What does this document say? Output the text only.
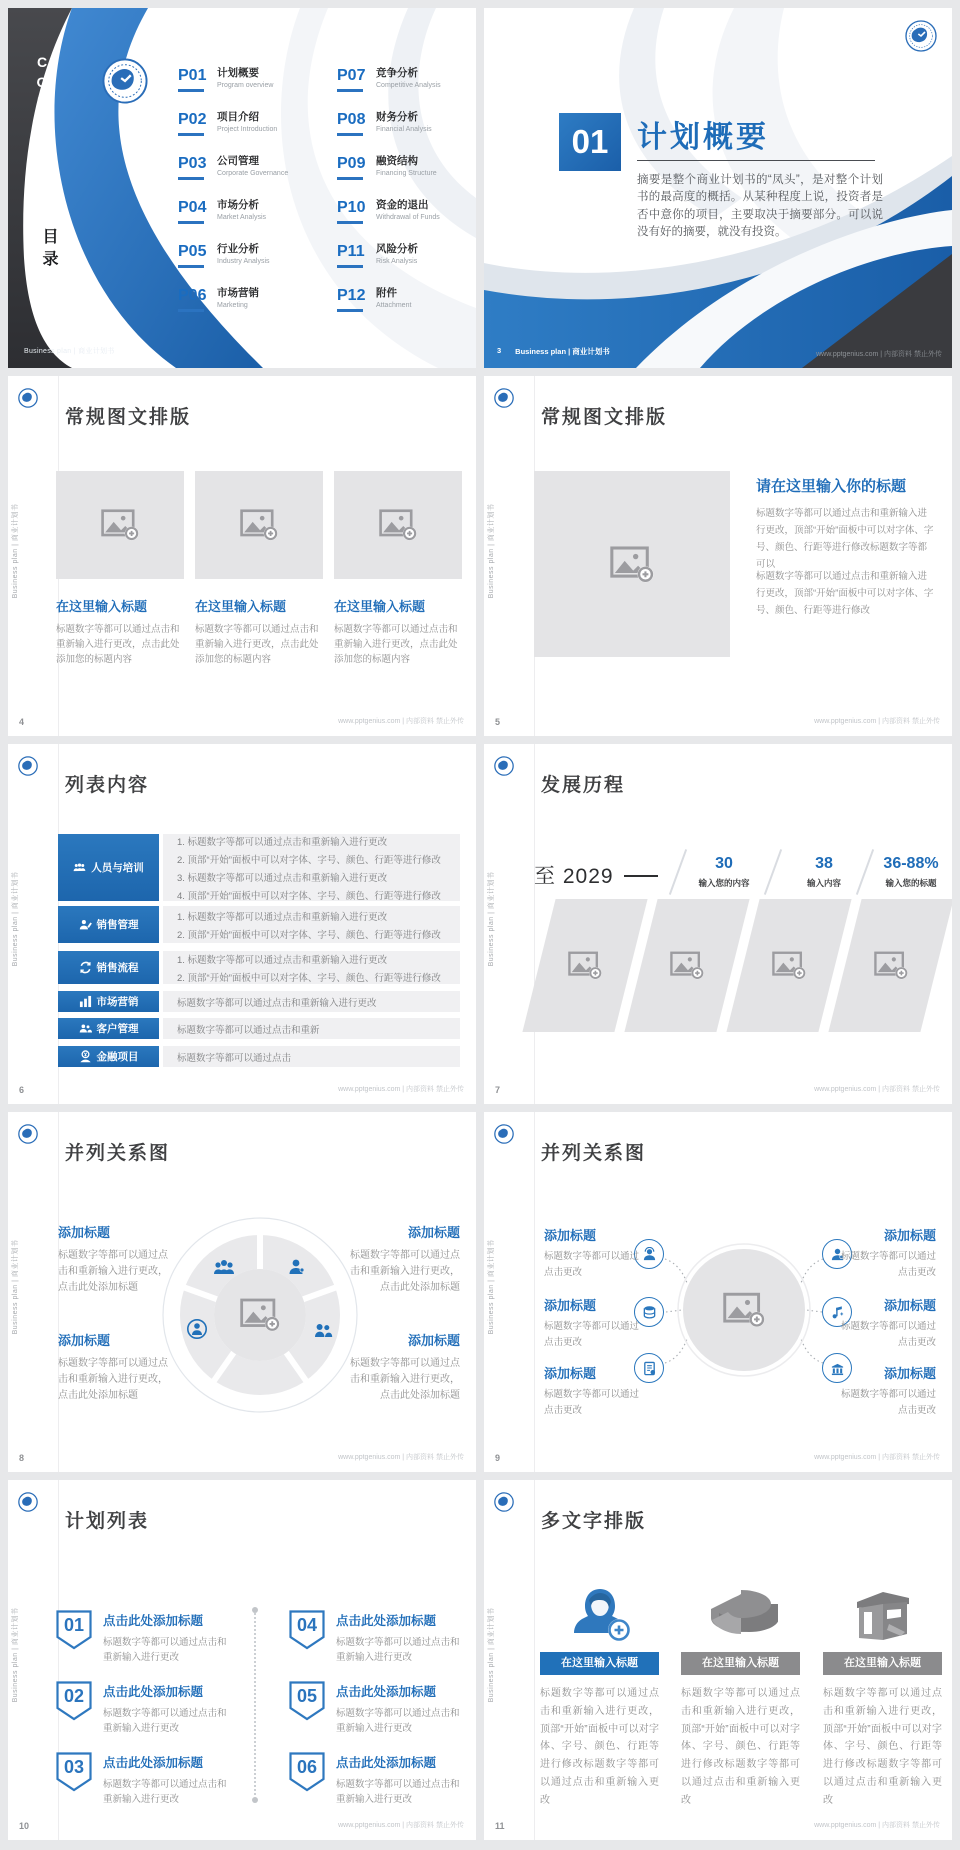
CONTENTS
目录
P01	计划概要
Program overview
P02	项目介绍
Project Introduction
P03	公司管理
Corporate Governance
P04	市场分析
Market Analysis
P05	行业分析
Industry Analysis
P06	市场营销
Marketing
P07	竞争分析
Competitive Analysis
P08	财务分析
Financial Analysis
P09	融资结构
Financing Structure
P10	资金的退出
Withdrawal of Funds
P11	风险分析
Risk Analysis
P12	附件
Attachment
Business plan | 商业计划书
01 计划概要

摘要是整个商业计划书的“凤头”，是对整个计划书的最高度的概括。从某种程度上说，投资者是否中意你的项目，主要取决于摘要部分。可以说没有好的摘要，就没有投资。

3 Business plan | 商业计划书	www.pptgenius.com | 内部资料 禁止外传
Business plan | 商业计划书
常规图文排版
在这里输入标题

标题数字等都可以通过点击和重新输入进行更改，点击此处添加您的标题内容

在这里输入标题

标题数字等都可以通过点击和重新输入进行更改，点击此处添加您的标题内容

在这里输入标题

标题数字等都可以通过点击和重新输入进行更改，点击此处添加您的标题内容

4	www.pptgenius.com | 内部资料 禁止外传
Business plan | 商业计划书
常规图文排版
请在这里输入你的标题

标题数字等都可以通过点击和重新输入进行更改，顶部“开始”面板中可以对字体、字号、颜色、行距等进行修改标题数字等都可以

标题数字等都可以通过点击和重新输入进行更改，顶部“开始”面板中可以对字体、字号、颜色、行距等进行修改

5	www.pptgenius.com | 内部资料 禁止外传
Business plan | 商业计划书
列表内容
人员与培训
1. 标题数字等都可以通过点击和重新输入进行更改
2. 顶部“开始”面板中可以对字体、字号、颜色、行距等进行修改
3. 标题数字等都可以通过点击和重新输入进行更改
4. 顶部“开始”面板中可以对字体、字号、颜色、行距等进行修改
销售管理
1. 标题数字等都可以通过点击和重新输入进行更改
2. 顶部“开始”面板中可以对字体、字号、颜色、行距等进行修改
销售流程
1. 标题数字等都可以通过点击和重新输入进行更改
2. 顶部“开始”面板中可以对字体、字号、颜色、行距等进行修改
市场营销	标题数字等都可以通过点击和重新输入进行更改
客户管理	标题数字等都可以通过点击和重新
金融项目	标题数字等都可以通过点击
6	www.pptgenius.com | 内部资料 禁止外传
Business plan | 商业计划书
发展历程
至 2029
30
输入您的内容
38
输入内容
36-88%
输入您的标题
7	www.pptgenius.com | 内部资料 禁止外传
Business plan | 商业计划书
并列关系图
添加标题

标题数字等都可以通过点击和重新输入进行更改，点击此处添加标题

添加标题

标题数字等都可以通过点击和重新输入进行更改，点击此处添加标题

添加标题

标题数字等都可以通过点击和重新输入进行更改，点击此处添加标题

添加标题

标题数字等都可以通过点击和重新输入进行更改，点击此处添加标题

8	www.pptgenius.com | 内部资料 禁止外传
Business plan | 商业计划书
并列关系图
添加标题

标题数字等都可以通过点击更改

添加标题

标题数字等都可以通过点击更改

添加标题

标题数字等都可以通过点击更改

添加标题

标题数字等都可以通过点击更改

添加标题

标题数字等都可以通过点击更改

添加标题

标题数字等都可以通过点击更改

9	www.pptgenius.com | 内部资料 禁止外传
Business plan | 商业计划书
计划列表
01	点击此处添加标题

标题数字等都可以通过点击和重新输入进行更改

02	点击此处添加标题

标题数字等都可以通过点击和重新输入进行更改

03	点击此处添加标题

标题数字等都可以通过点击和重新输入进行更改

04	点击此处添加标题

标题数字等都可以通过点击和重新输入进行更改

05	点击此处添加标题

标题数字等都可以通过点击和重新输入进行更改

06	点击此处添加标题

标题数字等都可以通过点击和重新输入进行更改

10	www.pptgenius.com | 内部资料 禁止外传
Business plan | 商业计划书
多文字排版
在这里输入标题

标题数字等都可以通过点击和重新输入进行更改，顶部“开始”面板中可以对字体、字号、颜色、行距等进行修改标题数字等都可以通过点击和重新输入更改

在这里输入标题

标题数字等都可以通过点击和重新输入进行更改，顶部“开始”面板中可以对字体、字号、颜色、行距等进行修改标题数字等都可以通过点击和重新输入更改

在这里输入标题

标题数字等都可以通过点击和重新输入进行更改，顶部“开始”面板中可以对字体、字号、颜色、行距等进行修改标题数字等都可以通过点击和重新输入更改

11	www.pptgenius.com | 内部资料 禁止外传
